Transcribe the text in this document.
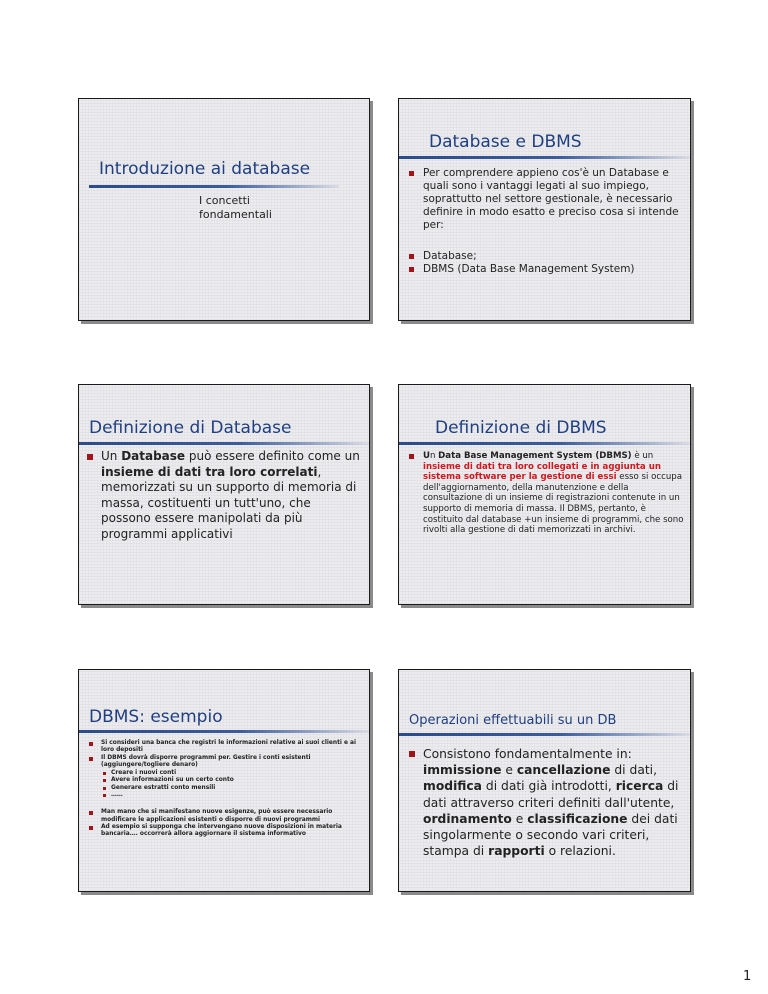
Introduzione ai database
I concetti
fondamentali
Database e DBMS
Per comprendere appieno cos'è un Database e quali sono i vantaggi legati al suo impiego, soprattutto nel settore gestionale, è necessario definire in modo esatto e preciso cosa si intende per:
Database;
DBMS (Data Base Management System)
Definizione di Database
Un Database può essere definito come un insieme di dati tra loro correlati, memorizzati su un supporto di memoria di massa, costituenti un tutt'uno, che possono essere manipolati da più programmi applicativi
Definizione di DBMS
Un Data Base Management System (DBMS) è un insieme di dati tra loro collegati e in aggiunta un sistema software per la gestione di essi esso si occupa dell'aggiornamento, della manutenzione e della consultazione di un insieme di registrazioni contenute in un supporto di memoria di massa. Il DBMS, pertanto, è costituito dal database +un insieme di programmi, che sono rivolti alla gestione di dati memorizzati in archivi.
DBMS: esempio
Si consideri una banca che registri le informazioni relative ai suoi clienti e ai loro depositi
Il DBMS dovrà disporre programmi per. Gestire i conti esistenti (aggiungere/togliere denaro)
Creare i nuovi conti
Avere informazioni su un certo conto
Generare estratti conto mensili
……
Man mano che si manifestano nuove esigenze, può essere necessario modificare le applicazioni esistenti o disporre di nuovi programmi
Ad esempio si supponga che intervengano nuove disposizioni in materia bancaria…. occorrerà allora aggiornare il sistema informativo
Operazioni effettuabili su un DB
Consistono fondamentalmente in: immissione e cancellazione di dati, modifica di dati già introdotti, ricerca di dati attraverso criteri definiti dall'utente, ordinamento e classificazione dei dati singolarmente o secondo vari criteri, stampa di rapporti o relazioni.
1
